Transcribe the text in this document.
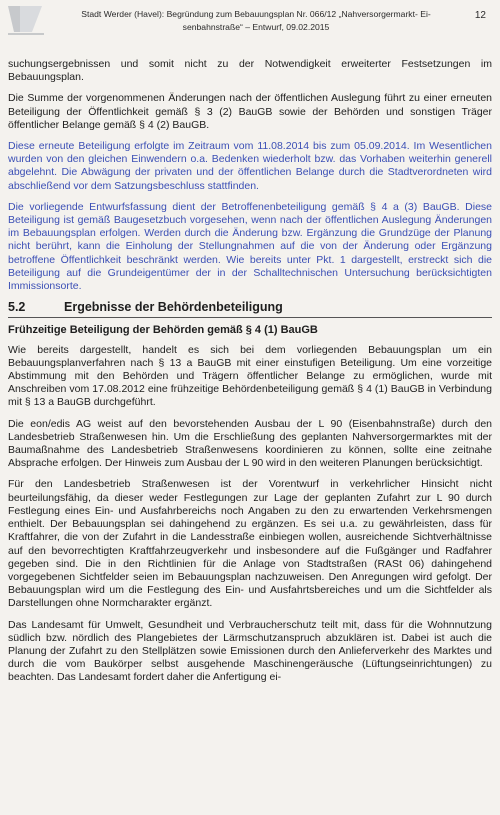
Stadt Werder (Havel): Begründung zum Bebauungsplan Nr. 066/12 „Nahversorgermarkt- Ei-
senbahnstraße“ – Entwurf, 09.02.2015
12

suchungsergebnissen und somit nicht zu der Notwendigkeit erweiterter Festsetzungen im Bebauungsplan.

Die Summe der vorgenommenen Änderungen nach der öffentlichen Auslegung führt zu einer erneuten Beteiligung der Öffentlichkeit gemäß § 3 (2) BauGB sowie der Behörden und sonstigen Träger öffentlicher Belange gemäß § 4 (2) BauGB.

Diese erneute Beteiligung erfolgte im Zeitraum vom 11.08.2014 bis zum 05.09.2014. Im Wesentlichen wurden von den gleichen Einwendern o.a. Bedenken wiederholt bzw. das Vorhaben weiterhin generell abgelehnt. Die Abwägung der privaten und der öffentlichen Belange durch die Stadtverordneten wird abschließend vor dem Satzungsbeschluss stattfinden.

Die vorliegende Entwurfsfassung dient der Betroffenenbeteiligung gemäß § 4 a (3) BauGB. Diese Beteiligung ist gemäß Baugesetzbuch vorgesehen, wenn nach der öffentlichen Auslegung Änderungen im Bebauungsplan erfolgen. Werden durch die Änderung bzw. Ergänzung die Grundzüge der Planung nicht berührt, kann die Einholung der Stellungnahmen auf die von der Änderung oder Ergänzung betroffene Öffentlichkeit beschränkt werden. Wie bereits unter Pkt. 1 dargestellt, erstreckt sich die Beteiligung auf die Grundeigentümer der in der Schalltechnischen Untersuchung berücksichtigten Immissionsorte.

5.2	Ergebnisse der Behördenbeteiligung
Frühzeitige Beteiligung der Behörden gemäß § 4 (1) BauGB

Wie bereits dargestellt, handelt es sich bei dem vorliegenden Bebauungsplan um ein Bebauungsplanverfahren nach § 13 a BauGB mit einer einstufigen Beteiligung. Um eine vorzeitige Abstimmung mit den Behörden und Trägern öffentlicher Belange zu ermöglichen, wurde mit Anschreiben vom 17.08.2012 eine frühzeitige Behördenbeteiligung gemäß § 4 (1) BauGB in Verbindung mit § 13 a BauGB durchgeführt.

Die eon/edis AG weist auf den bevorstehenden Ausbau der L 90 (Eisenbahnstraße) durch den Landesbetrieb Straßenwesen hin. Um die Erschließung des geplanten Nahversorgermarktes mit der Baumaßnahme des Landesbetrieb Straßenwesens koordinieren zu können, sollte eine zeitnahe Absprache erfolgen. Der Hinweis zum Ausbau der L 90 wird in den weiteren Planungen berücksichtigt.

Für den Landesbetrieb Straßenwesen ist der Vorentwurf in verkehrlicher Hinsicht nicht beurteilungsfähig, da dieser weder Festlegungen zur Lage der geplanten Zufahrt zur L 90 durch Festlegung eines Ein- und Ausfahrbereichs noch Angaben zu den zu erwartenden Verkehrsmengen enthielt. Der Bebauungsplan sei dahingehend zu ergänzen. Es sei u.a. zu gewährleisten, dass für Kraftfahrer, die von der Zufahrt in die Landesstraße einbiegen wollen, ausreichende Sichtverhältnisse auf den bevorrechtigten Kraftfahrzeugverkehr und insbesondere auf die Fußgänger und Radfahrer gegeben sind. Die in den Richtlinien für die Anlage von Stadtstraßen (RASt 06) dahingehend vorgegebenen Sichtfelder seien im Bebauungsplan nachzuweisen. Den Anregungen wird gefolgt. Der Bebauungsplan wird um die Festlegung des Ein- und Ausfahrtsbereiches und um die Sichtfelder als Darstellungen ohne Normcharakter ergänzt.

Das Landesamt für Umwelt, Gesundheit und Verbraucherschutz teilt mit, dass für die Wohnnutzung südlich bzw. nördlich des Plangebietes der Lärmschutzanspruch abzuklären ist. Dabei ist auch die Planung der Zufahrt zu den Stellplätzen sowie Emissionen durch den Anlieferverkehr des Marktes und durch die vom Baukörper selbst ausgehende Maschinengeräusche (Lüftungseinrichtungen) zu beachten. Das Landesamt fordert daher die Anfertigung ei-
